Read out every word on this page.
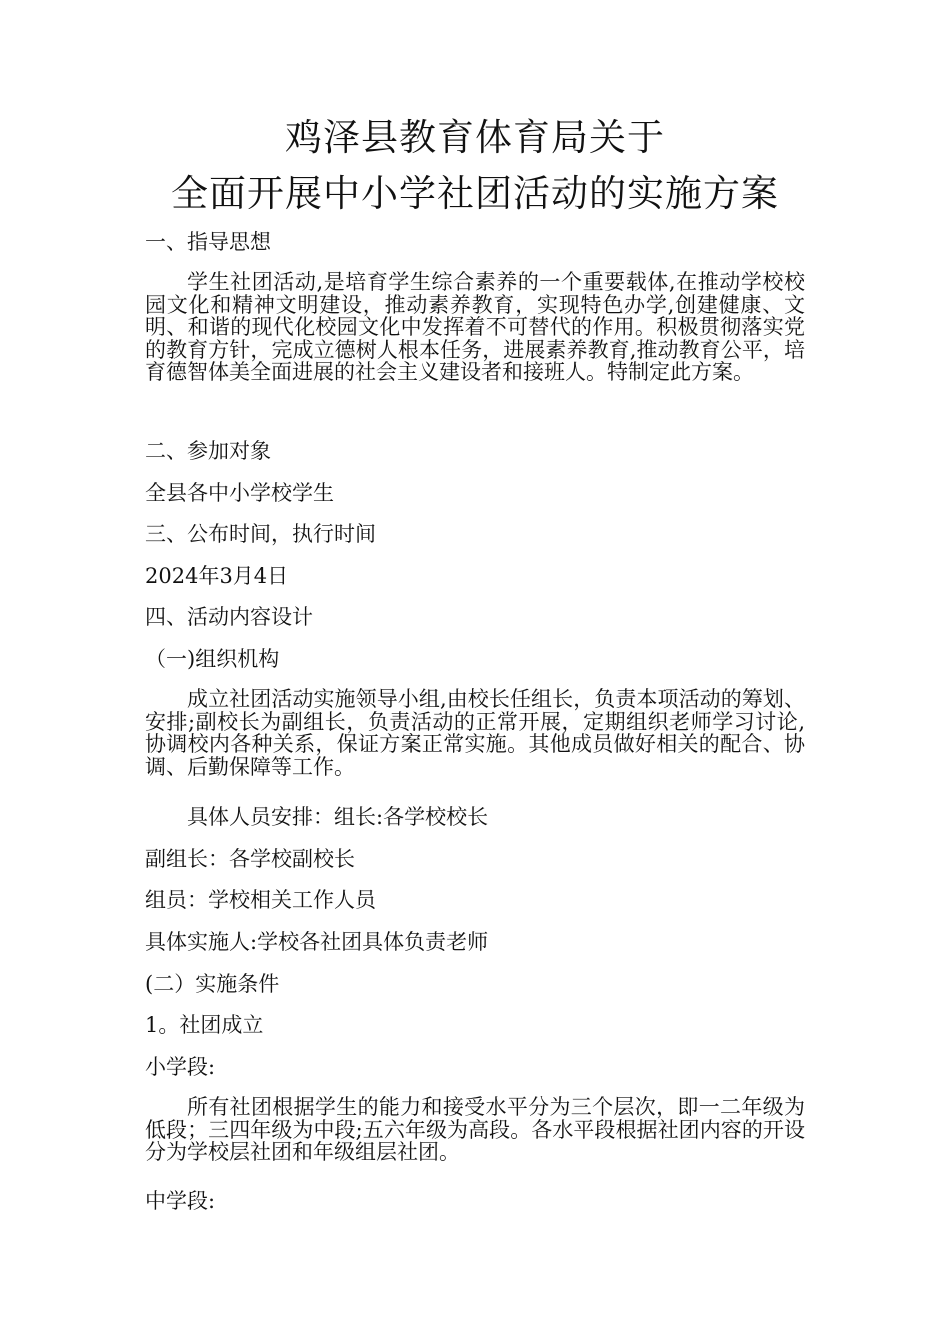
鸡泽县教育体育局关于
全面开展中小学社团活动的实施方案
一、指导思想
学生社团活动,是培育学生综合素养的一个重要载体,在推动学校校园文化和精神文明建设，推动素养教育，实现特色办学,创建健康、文明、和谐的现代化校园文化中发挥着不可替代的作用。积极贯彻落实党的教育方针，完成立德树人根本任务，进展素养教育,推动教育公平，培育德智体美全面进展的社会主义建设者和接班人。特制定此方案。
二、参加对象
全县各中小学校学生
三、公布时间，执行时间
2024年3月4日
四、活动内容设计
（一)组织机构
成立社团活动实施领导小组,由校长任组长，负责本项活动的筹划、安排;副校长为副组长，负责活动的正常开展，定期组织老师学习讨论,协调校内各种关系，保证方案正常实施。其他成员做好相关的配合、协调、后勤保障等工作。
具体人员安排：组长:各学校校长
副组长：各学校副校长
组员：学校相关工作人员
具体实施人:学校各社团具体负责老师
(二）实施条件
1。社团成立
小学段:
所有社团根据学生的能力和接受水平分为三个层次，即一二年级为低段；三四年级为中段;五六年级为高段。各水平段根据社团内容的开设分为学校层社团和年级组层社团。
中学段:
